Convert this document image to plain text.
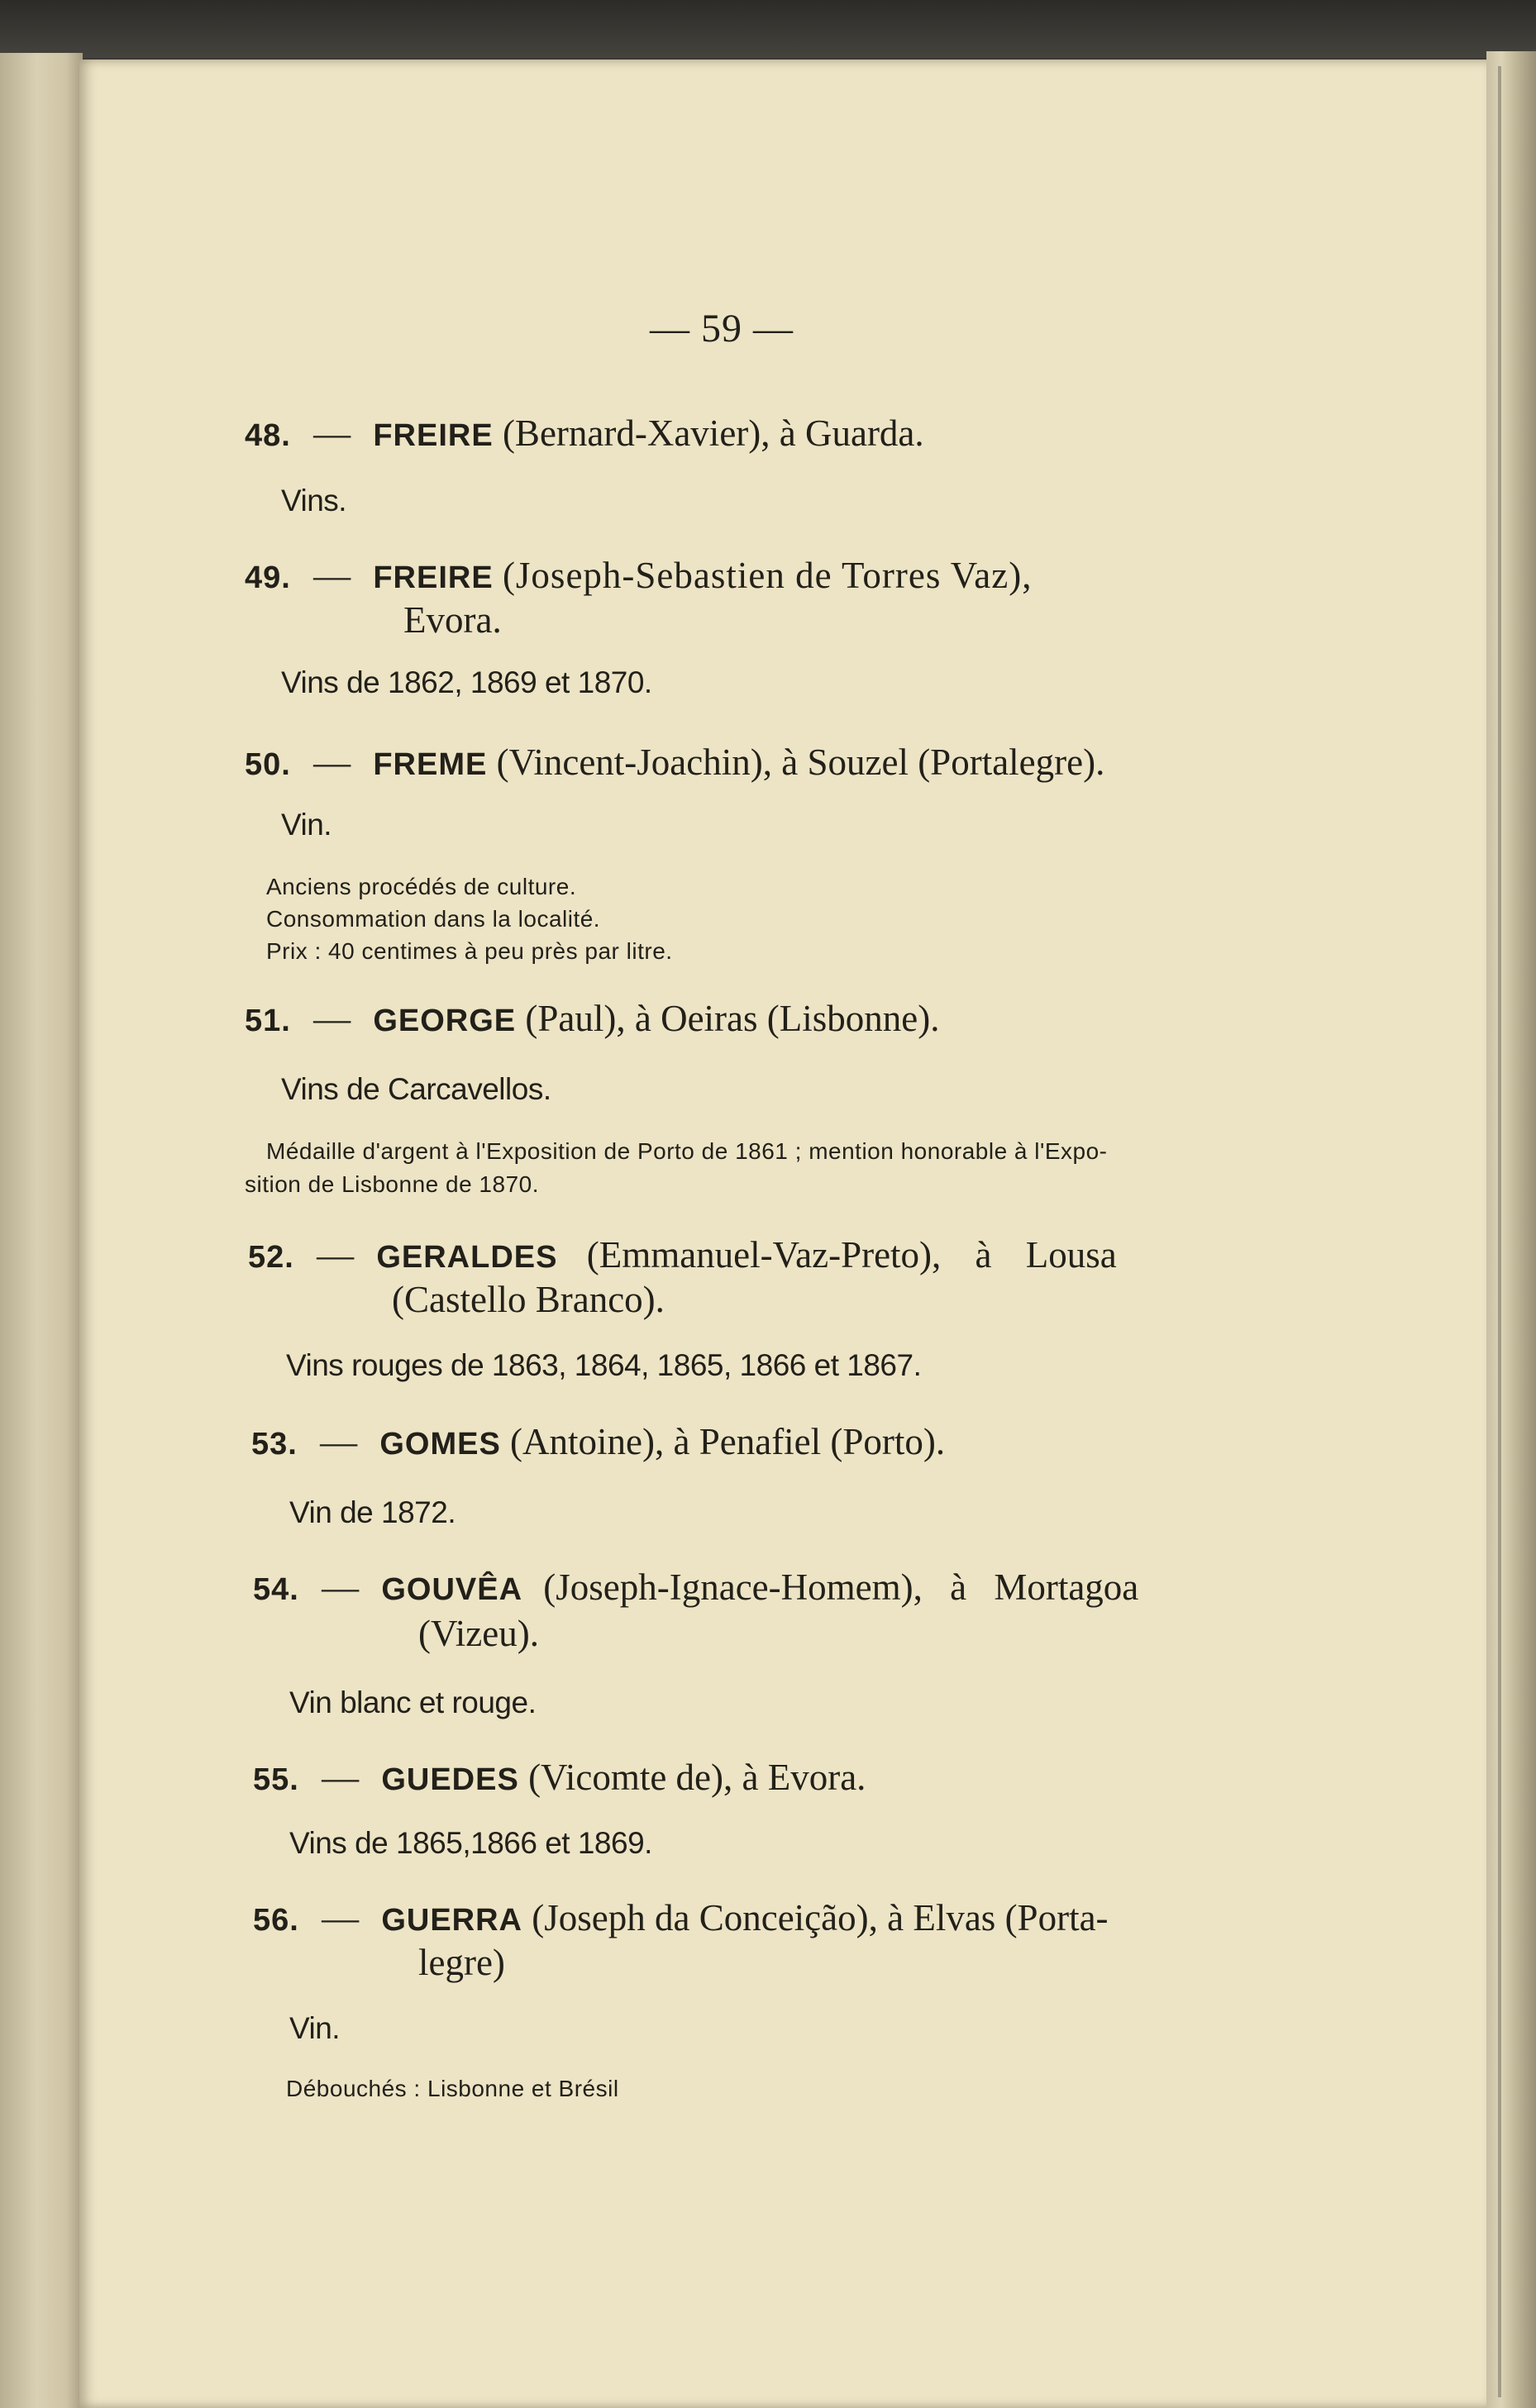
— 59 —

48. — FREIRE (Bernard-Xavier), à Guarda.

Vins.

49. — FREIRE (Joseph-Sebastien de Torres Vaz),

Evora.

Vins de 1862, 1869 et 1870.

50. — FREME (Vincent-Joachin), à Souzel (Portalegre).

Vin.

Anciens procédés de culture.

Consommation dans la localité.

Prix : 40 centimes à peu près par litre.

51. — GEORGE (Paul), à Oeiras (Lisbonne).

Vins de Carcavellos.

Médaille d'argent à l'Exposition de Porto de 1861 ; mention honorable à l'Expo-

sition de Lisbonne de 1870.

52. — GERALDES (Emmanuel-Vaz-Preto), à Lousa

(Castello Branco).

Vins rouges de 1863, 1864, 1865, 1866 et 1867.

53. — GOMES (Antoine), à Penafiel (Porto).

Vin de 1872.

54. — GOUVÊA (Joseph-Ignace-Homem), à Mortagoa

(Vizeu).

Vin blanc et rouge.

55. — GUEDES (Vicomte de), à Evora.

Vins de 1865,1866 et 1869.

56. — GUERRA (Joseph da Conceição), à Elvas (Porta-

legre)

Vin.

Débouchés : Lisbonne et Brésil
